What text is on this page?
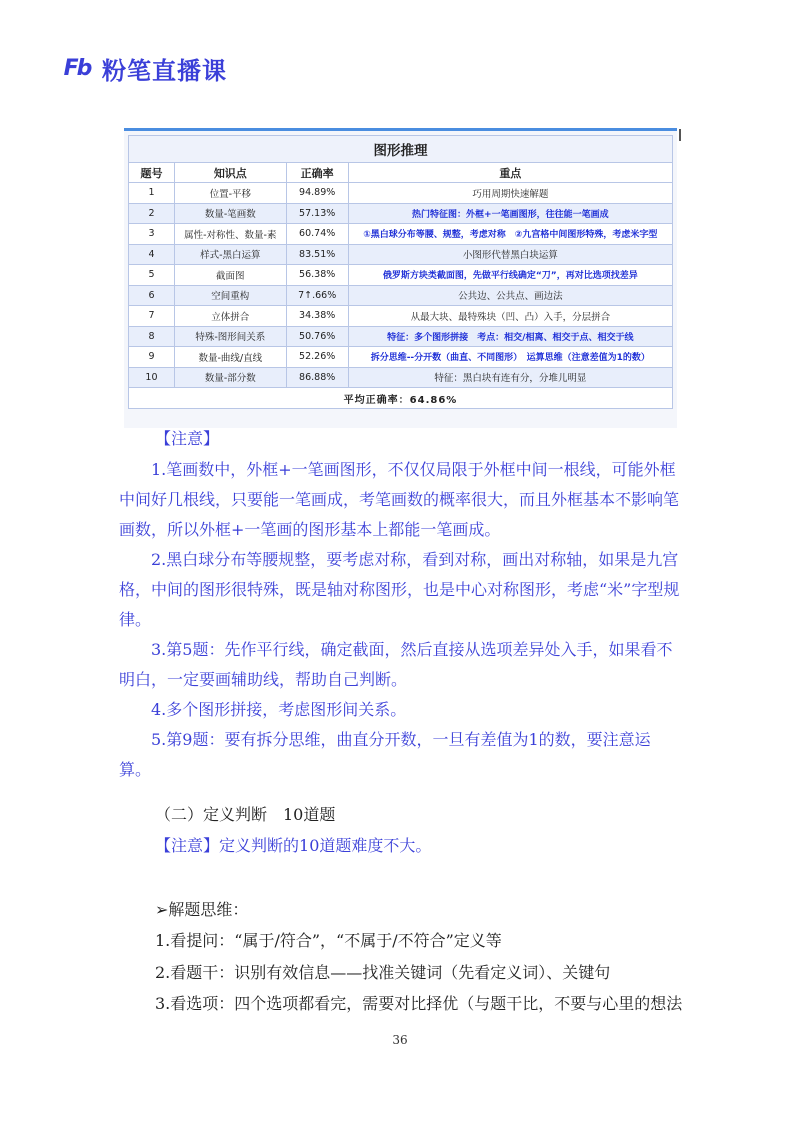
Fb 粉笔直播课
图形推理			
题号	知识点	正确率	重点
1	位置-平移	94.89%	巧用周期快速解题
2	数量-笔画数	57.13%	热门特征图：外框+一笔画图形，往往能一笔画成
3	属性-对称性、数量-素	60.74%	①黑白球分布等腰、规整，考虑对称　②九宫格中间图形特殊，考虑米字型
4	样式-黑白运算	83.51%	小图形代替黑白块运算
5	截面图	56.38%	俄罗斯方块类截面图，先做平行线确定“刀”，再对比选项找差异
6	空间重构	7↑.66%	公共边、公共点、画边法
7	立体拼合	34.38%	从最大块、最特殊块（凹、凸）入手，分层拼合
8	特殊-图形间关系	50.76%	特征：多个图形拼接　考点：相交/相离、相交于点、相交于线
9	数量-曲线/直线	52.26%	拆分思维--分开数（曲直、不同图形）　运算思维（注意差值为1的数）
10	数量-部分数	86.88%	特征：黑白块有连有分，分堆儿明显
平均正确率：64.86%			
【注意】

1.笔画数中，外框+一笔画图形，不仅仅局限于外框中间一根线，可能外框中间好几根线，只要能一笔画成，考笔画数的概率很大，而且外框基本不影响笔画数，所以外框+一笔画的图形基本上都能一笔画成。

2.黑白球分布等腰规整，要考虑对称，看到对称，画出对称轴，如果是九宫格，中间的图形很特殊，既是轴对称图形，也是中心对称图形，考虑“米”字型规律。

3.第5题：先作平行线，确定截面，然后直接从选项差异处入手，如果看不明白，一定要画辅助线，帮助自己判断。

4.多个图形拼接，考虑图形间关系。

5.第9题：要有拆分思维，曲直分开数，一旦有差值为1的数，要注意运算。

（二）定义判断　10道题
【注意】定义判断的10道题难度不大。
➢解题思维：
1.看提问：“属于/符合”，“不属于/不符合”定义等
2.看题干：识别有效信息——找准关键词（先看定义词）、关键句
3.看选项：四个选项都看完，需要对比择优（与题干比，不要与心里的想法
36
